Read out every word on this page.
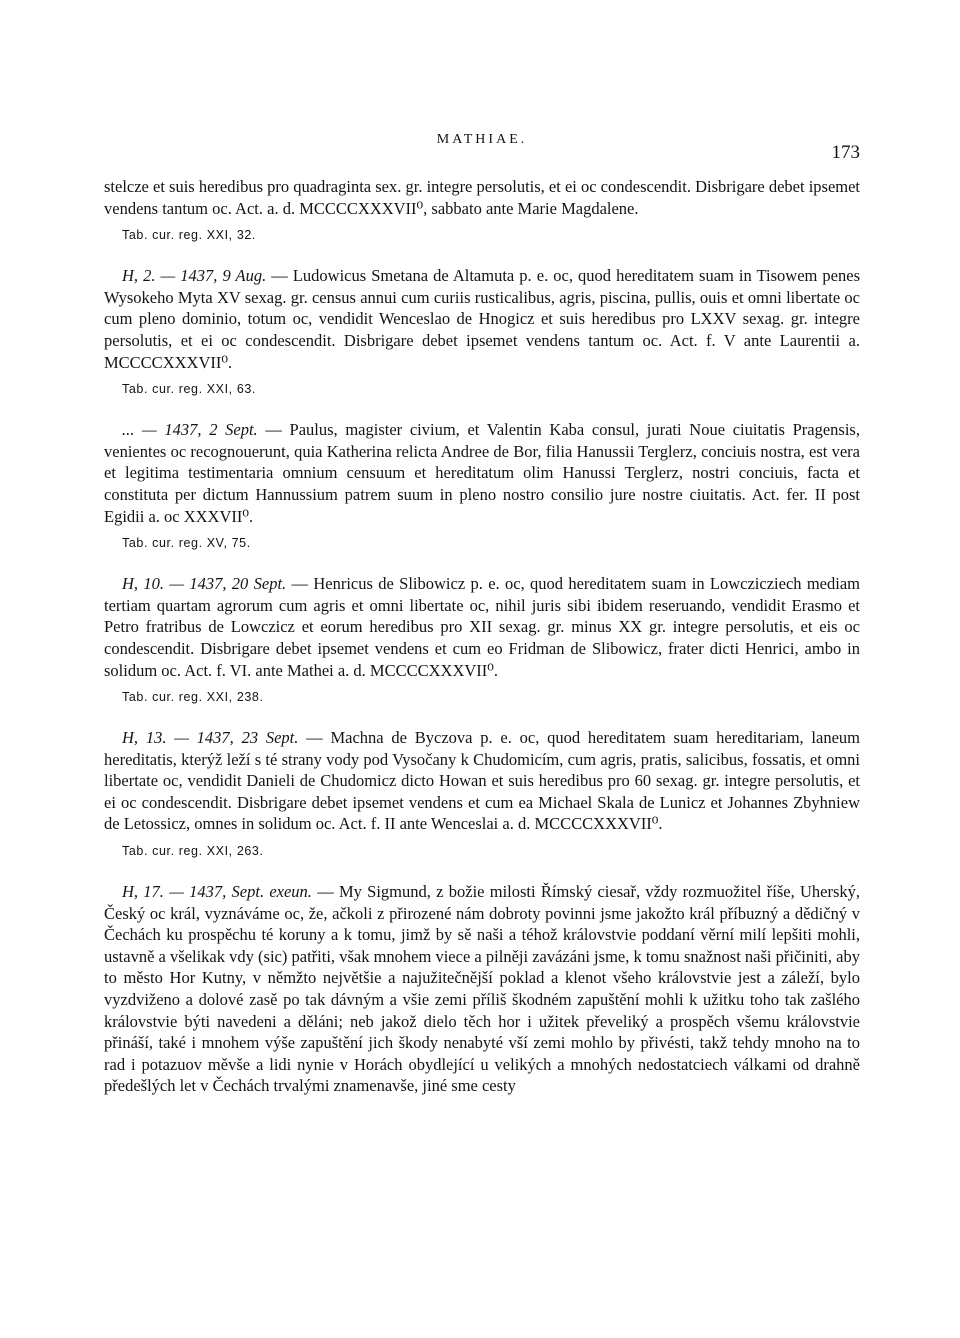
MATHIAE.
173

stelcze et suis heredibus pro quadraginta sex. gr. integre persolutis, et ei oc condescendit. Disbrigare debet ipsemet vendens tantum oc. Act. a. d. MCCCCXXXVII⁰, sabbato ante Marie Magdalene.

Tab. cur. reg. XXI, 32.

H, 2. — 1437, 9 Aug. — Ludowicus Smetana de Altamuta p. e. oc, quod hereditatem suam in Tisowem penes Wysokeho Myta XV sexag. gr. census annui cum curiis rusticalibus, agris, piscina, pullis, ouis et omni libertate oc cum pleno dominio, totum oc, vendidit Wenceslao de Hnogicz et suis heredibus pro LXXV sexag. gr. integre persolutis, et ei oc condescendit. Disbrigare debet ipsemet vendens tantum oc. Act. f. V ante Laurentii a. MCCCCXXXVII⁰.

Tab. cur. reg. XXI, 63.

... — 1437, 2 Sept. — Paulus, magister civium, et Valentin Kaba consul, jurati Noue ciuitatis Pragensis, venientes oc recognouerunt, quia Katherina relicta Andree de Bor, filia Hanussii Terglerz, conciuis nostra, est vera et legitima testimentaria omnium censuum et hereditatum olim Hanussi Terglerz, nostri conciuis, facta et constituta per dictum Hannussium patrem suum in pleno nostro consilio jure nostre ciuitatis. Act. fer. II post Egidii a. oc XXXVII⁰.

Tab. cur. reg. XV, 75.

H, 10. — 1437, 20 Sept. — Henricus de Slibowicz p. e. oc, quod hereditatem suam in Lowczicziech mediam tertiam quartam agrorum cum agris et omni libertate oc, nihil juris sibi ibidem reseruando, vendidit Erasmo et Petro fratribus de Lowczicz et eorum heredibus pro XII sexag. gr. minus XX gr. integre persolutis, et eis oc condescendit. Disbrigare debet ipsemet vendens et cum eo Fridman de Slibowicz, frater dicti Henrici, ambo in solidum oc. Act. f. VI. ante Mathei a. d. MCCCCXXXVII⁰.

Tab. cur. reg. XXI, 238.

H, 13. — 1437, 23 Sept. — Machna de Byczova p. e. oc, quod hereditatem suam hereditariam, laneum hereditatis, kterýž leží s té strany vody pod Vysočany k Chudomicím, cum agris, pratis, salicibus, fossatis, et omni libertate oc, vendidit Danieli de Chudomicz dicto Howan et suis heredibus pro 60 sexag. gr. integre persolutis, et ei oc condescendit. Disbrigare debet ipsemet vendens et cum ea Michael Skala de Lunicz et Johannes Zbyhniew de Letossicz, omnes in solidum oc. Act. f. II ante Wenceslai a. d. MCCCCXXXVII⁰.

Tab. cur. reg. XXI, 263.

H, 17. — 1437, Sept. exeun. — My Sigmund, z božie milosti Římský ciesař, vždy rozmuožitel říše, Uherský, Český oc král, vyznáváme oc, že, ačkoli z přirozené nám dobroty povinni jsme jakožto král příbuzný a dědičný v Čechách ku prospěchu té koruny a k tomu, jimž by sě naši a téhož královstvie poddaní věrní milí lepšiti mohli, ustavně a všelikak vdy (sic) patřiti, však mnohem viece a pilněji zavázáni jsme, k tomu snažnost naši přičiniti, aby to město Hor Kutny, v němžto největšie a najužitečnější poklad a klenot všeho královstvie jest a záleží, bylo vyzdviženo a dolové zasě po tak dávným a všie zemi příliš škodném zapuštění mohli k užitku toho tak zašlého královstvie býti navedeni a děláni; neb jakož dielo těch hor i užitek převeliký a prospěch všemu královstvie přináší, také i mnohem výše zapuštění jich škody nenabyté vší zemi mohlo by přivésti, takž tehdy mnoho na to rad i potazuov měvše a lidi nynie v Horách obydlející u velikých a mnohých nedostatciech válkami od drahně předešlých let v Čechách trvalými znamenavše, jiné sme cesty
